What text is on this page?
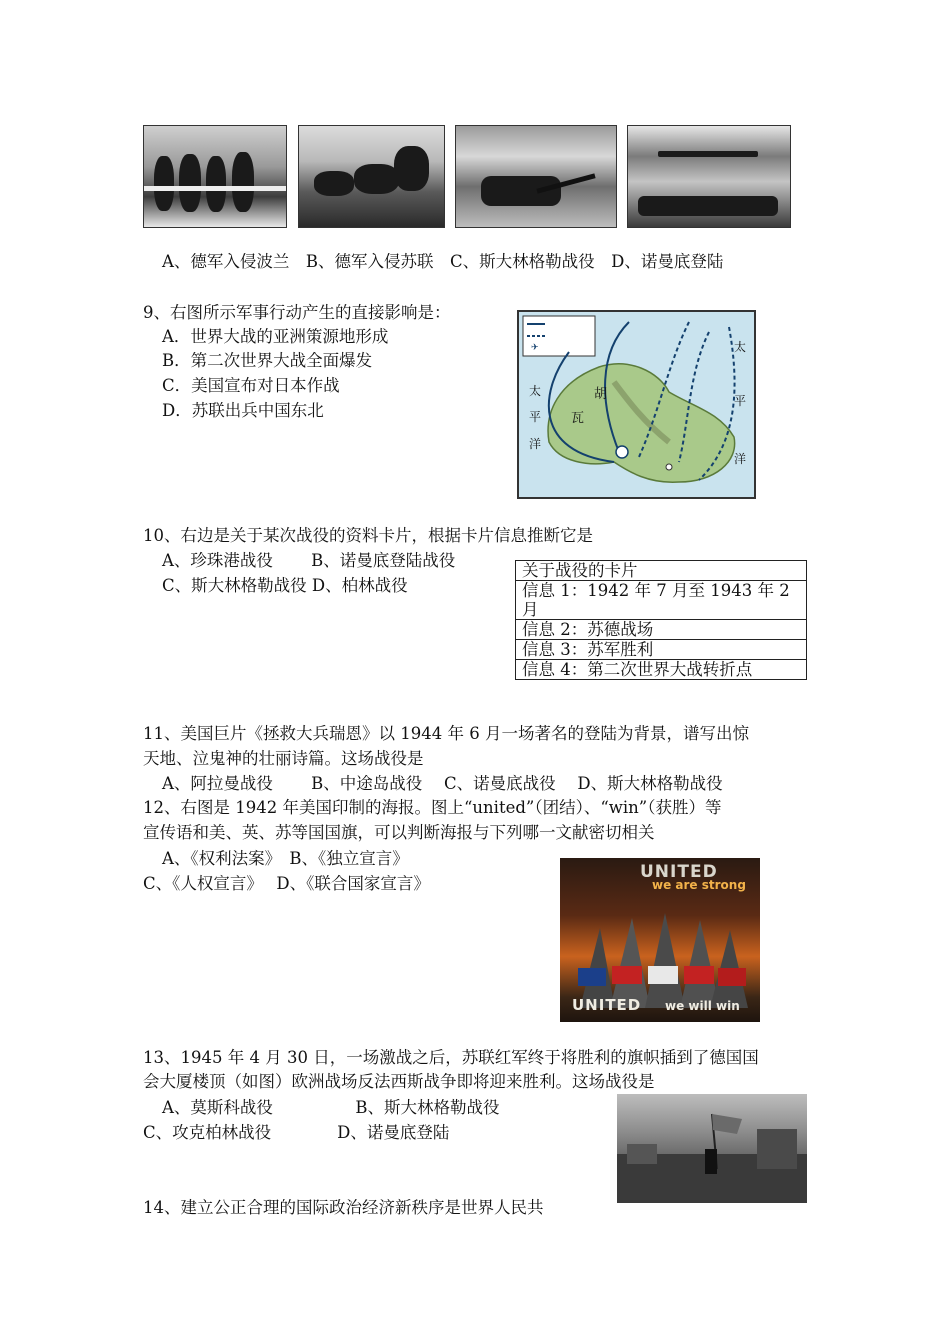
A、德军入侵波兰　B、德军入侵苏联　C、斯大林格勒战役　D、诺曼底登陆
9、右图所示军事行动产生的直接影响是：
A．世界大战的亚洲策源地形成
B．第二次世界大战全面爆发
C．美国宣布对日本作战
D．苏联出兵中国东北
✈
太
平
洋
太
平
洋
瓦
胡
10、右边是关于某次战役的资料卡片，根据卡片信息推断它是
A、珍珠港战役　　 B、诺曼底登陆战役
C、斯大林格勒战役 D、柏林战役
关于战役的卡片
信息 1：1942 年 7 月至 1943 年 2 月
信息 2：苏德战场
信息 3：苏军胜利
信息 4：第二次世界大战转折点
11、美国巨片《拯救大兵瑞恩》以 1944 年 6 月一场著名的登陆为背景，谱写出惊
天地、泣鬼神的壮丽诗篇。这场战役是
A、阿拉曼战役　　 B、中途岛战役　 C、诺曼底战役　 D、斯大林格勒战役
12、右图是 1942 年美国印制的海报。图上“united”（团结）、“win”（获胜）等
宣传语和美、英、苏等国国旗，可以判断海报与下列哪一文献密切相关
A、《权利法案》　B、《独立宣言》
C、《人权宣言》　 D、《联合国家宣言》
UNITED
we are strong
UNITED we will win
13、1945 年 4 月 30 日，一场激战之后，苏联红军终于将胜利的旗帜插到了德国国
会大厦楼顶（如图）欧洲战场反法西斯战争即将迎来胜利。这场战役是
A、莫斯科战役　　　　　B、斯大林格勒战役
C、攻克柏林战役　　　　D、诺曼底登陆
14、建立公正合理的国际政治经济新秩序是世界人民共
